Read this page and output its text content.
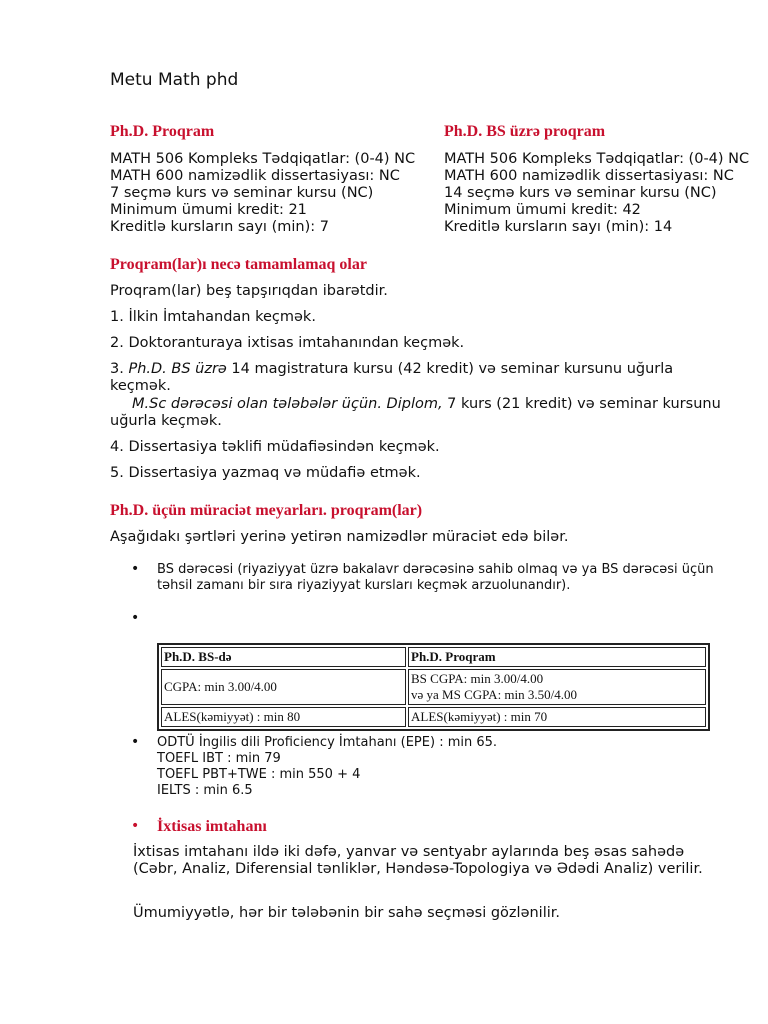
Metu Math phd
Ph.D. Proqram
MATH 506 Kompleks Tədqiqatlar: (0-4) NC
MATH 600 namizədlik dissertasiyası: NC
7 seçmə kurs və seminar kursu (NC)
Minimum ümumi kredit: 21
Kreditlə kursların sayı (min): 7
Ph.D. BS üzrə proqram
MATH 506 Kompleks Tədqiqatlar: (0-4) NC
MATH 600 namizədlik dissertasiyası: NC
14 seçmə kurs və seminar kursu (NC)
Minimum ümumi kredit: 42
Kreditlə kursların sayı (min): 14
Proqram(lar)ı necə tamamlamaq olar
Proqram(lar) beş tapşırıqdan ibarətdir.
1. İlkin İmtahandan keçmək.
2. Doktoranturaya ixtisas imtahanından keçmək.
3. Ph.D. BS üzrə 14 magistratura kursu (42 kredit) və seminar kursunu uğurla keçmək.
M.Sc dərəcəsi olan tələbələr üçün. Diplom, 7 kurs (21 kredit) və seminar kursunu uğurla keçmək.
4. Dissertasiya təklifi müdafiəsindən keçmək.
5. Dissertasiya yazmaq və müdafiə etmək.
Ph.D. üçün müraciət meyarları. proqram(lar)
Aşağıdakı şərtləri yerinə yetirən namizədlər müraciət edə bilər.
• BS dərəcəsi (riyaziyyat üzrə bakalavr dərəcəsinə sahib olmaq və ya BS dərəcəsi üçün təhsil zamanı bir sıra riyaziyyat kursları keçmək arzuolunandır).
•
Ph.D. BS-də	Ph.D. Proqram
CGPA: min 3.00/4.00	BS CGPA: min 3.00/4.00
və ya MS CGPA: min 3.50/4.00

ALES(kəmiyyət) : min 80	ALES(kəmiyyət) : min 70
• ODTÜ İngilis dili Proficiency İmtahanı (EPE) : min 65.
TOEFL IBT : min 79
TOEFL PBT+TWE : min 550 + 4
IELTS : min 6.5
• İxtisas imtahanı
İxtisas imtahanı ildə iki dəfə, yanvar və sentyabr aylarında beş əsas sahədə (Cəbr, Analiz, Diferensial tənliklər, Həndəsə-Topologiya və Ədədi Analiz) verilir.
Ümumiyyətlə, hər bir tələbənin bir sahə seçməsi gözlənilir.
